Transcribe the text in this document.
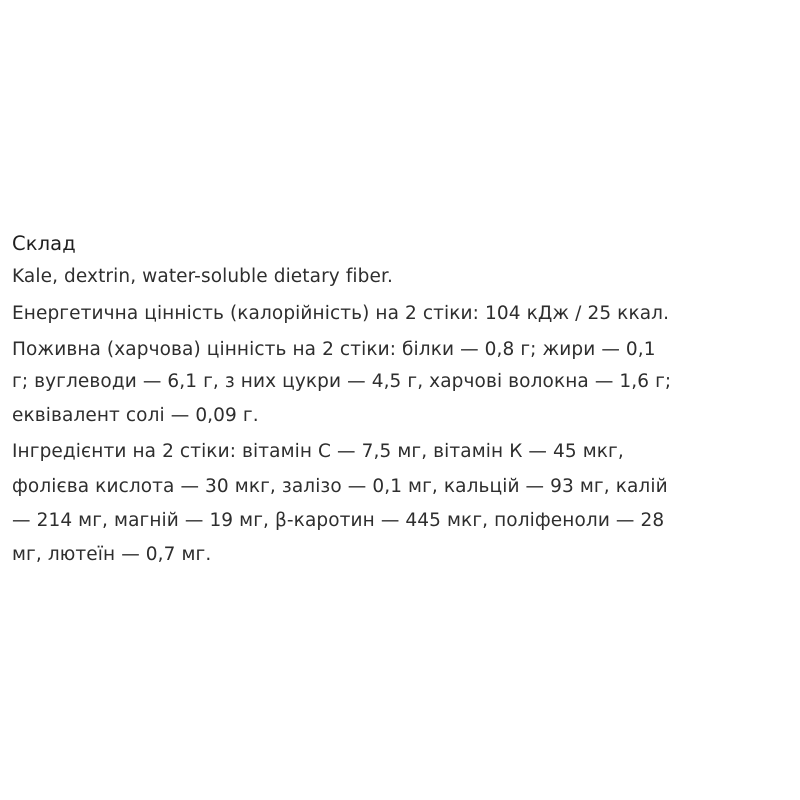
Склад

Kale, dextrin, water-soluble dietary fiber.

Енергетична цінність (калорійність) на 2 стіки: 104 кДж / 25 ккал.

Поживна (харчова) цінність на 2 стіки: білки — 0,8 г; жири — 0,1

г; вуглеводи — 6,1 г, з них цукри — 4,5 г, харчові волокна — 1,6 г;

еквівалент солі — 0,09 г.

Інгредієнти на 2 стіки: вітамін С — 7,5 мг, вітамін К — 45 мкг,

фолієва кислота — 30 мкг, залізо — 0,1 мг, кальцій — 93 мг, калій

— 214 мг, магній — 19 мг, β-каротин — 445 мкг, поліфеноли — 28

мг, лютеїн — 0,7 мг.
